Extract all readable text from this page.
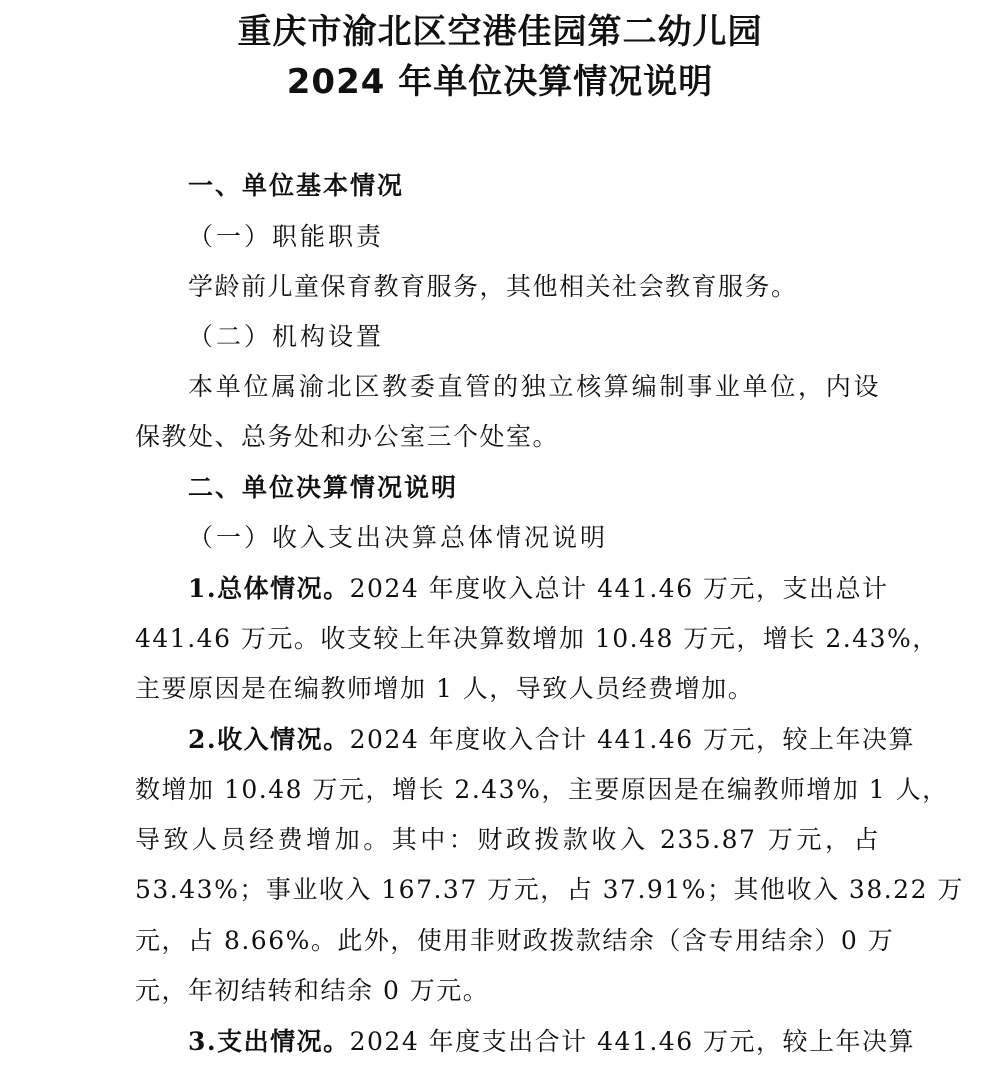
重庆市渝北区空港佳园第二幼儿园
2024 年单位决算情况说明
一、单位基本情况
（一）职能职责
学龄前儿童保育教育服务，其他相关社会教育服务。
（二）机构设置
本单位属渝北区教委直管的独立核算编制事业单位，内设
保教处、总务处和办公室三个处室。
二、单位决算情况说明
（一）收入支出决算总体情况说明
1.总体情况。2024 年度收入总计 441.46 万元，支出总计
441.46 万元。收支较上年决算数增加 10.48 万元，增长 2.43%，
主要原因是在编教师增加 1 人，导致人员经费增加。
2.收入情况。2024 年度收入合计 441.46 万元，较上年决算
数增加 10.48 万元，增长 2.43%，主要原因是在编教师增加 1 人，
导致人员经费增加。其中：财政拨款收入 235.87 万元，占
53.43%；事业收入 167.37 万元，占 37.91%；其他收入 38.22 万
元，占 8.66%。此外，使用非财政拨款结余（含专用结余）0 万
元，年初结转和结余 0 万元。
3.支出情况。2024 年度支出合计 441.46 万元，较上年决算
